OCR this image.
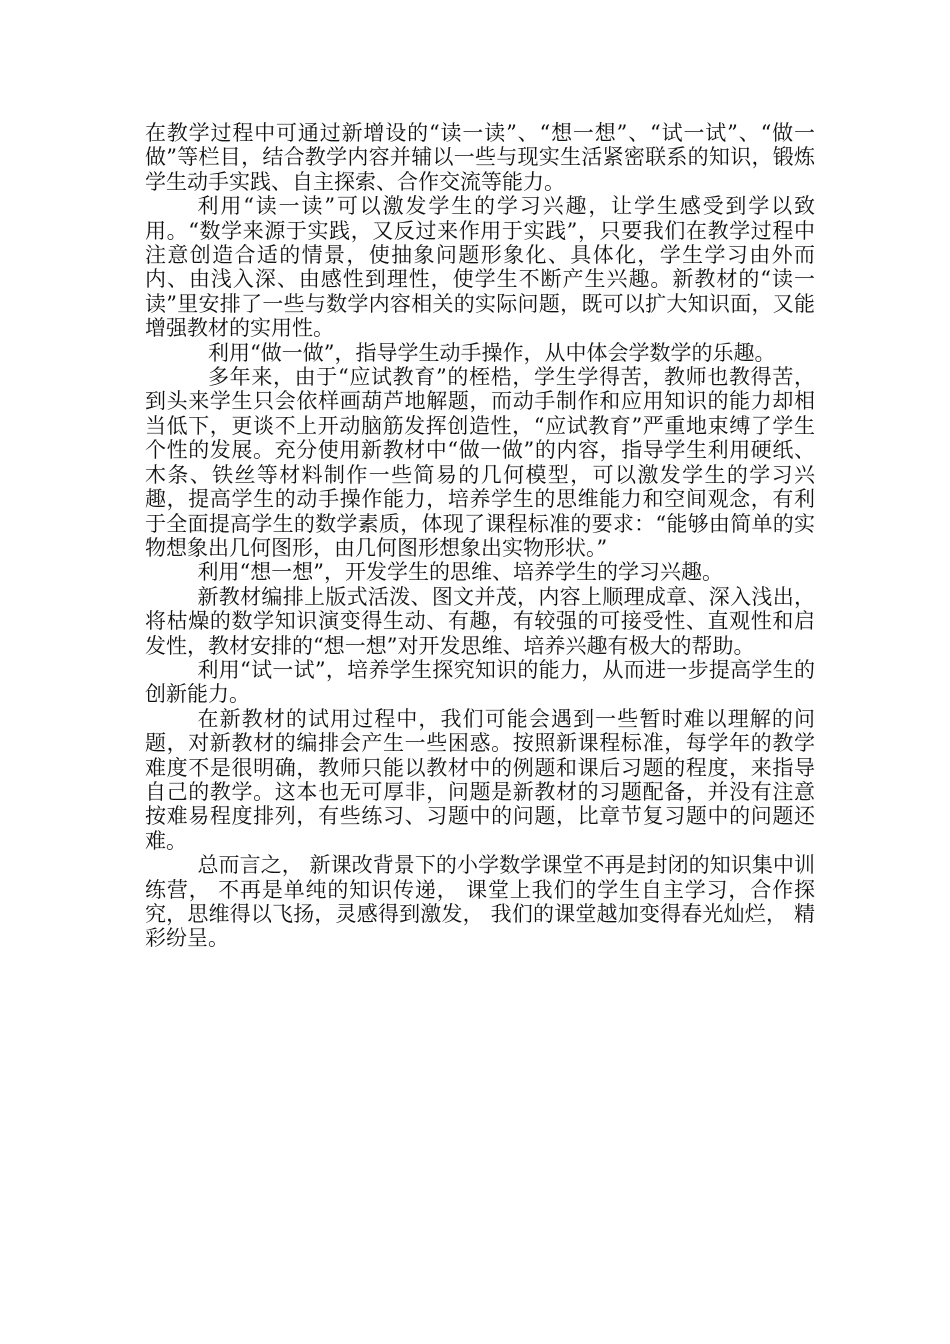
在教学过程中可通过新增设的“读一读”、“想一想”、“试一试”、“做一做”等栏目，结合教学内容并辅以一些与现实生活紧密联系的知识，锻炼学生动手实践、自主探索、合作交流等能力。

利用“读一读”可以激发学生的学习兴趣，让学生感受到学以致用。“数学来源于实践，又反过来作用于实践”，只要我们在教学过程中注意创造合适的情景，使抽象问题形象化、具体化，学生学习由外而内、由浅入深、由感性到理性，使学生不断产生兴趣。新教材的“读一读”里安排了一些与数学内容相关的实际问题，既可以扩大知识面，又能增强教材的实用性。

利用“做一做”，指导学生动手操作，从中体会学数学的乐趣。

多年来，由于“应试教育”的桎梏，学生学得苦，教师也教得苦，到头来学生只会依样画葫芦地解题，而动手制作和应用知识的能力却相当低下，更谈不上开动脑筋发挥创造性，“应试教育”严重地束缚了学生个性的发展。充分使用新教材中“做一做”的内容，指导学生利用硬纸、木条、铁丝等材料制作一些简易的几何模型，可以激发学生的学习兴趣，提高学生的动手操作能力，培养学生的思维能力和空间观念，有利于全面提高学生的数学素质，体现了课程标准的要求：“能够由简单的实物想象出几何图形，由几何图形想象出实物形状。”

利用“想一想”，开发学生的思维、培养学生的学习兴趣。

新教材编排上版式活泼、图文并茂，内容上顺理成章、深入浅出，将枯燥的数学知识演变得生动、有趣，有较强的可接受性、直观性和启发性，教材安排的“想一想”对开发思维、培养兴趣有极大的帮助。

利用“试一试”，培养学生探究知识的能力，从而进一步提高学生的创新能力。

在新教材的试用过程中，我们可能会遇到一些暂时难以理解的问题，对新教材的编排会产生一些困惑。按照新课程标准，每学年的教学难度不是很明确，教师只能以教材中的例题和课后习题的程度，来指导自己的教学。这本也无可厚非，问题是新教材的习题配备，并没有注意按难易程度排列，有些练习、习题中的问题，比章节复习题中的问题还难。

总而言之， 新课改背景下的小学数学课堂不再是封闭的知识集中训练营， 不再是单纯的知识传递， 课堂上我们的学生自主学习，合作探究，思维得以飞扬，灵感得到激发， 我们的课堂越加变得春光灿烂， 精彩纷呈。
